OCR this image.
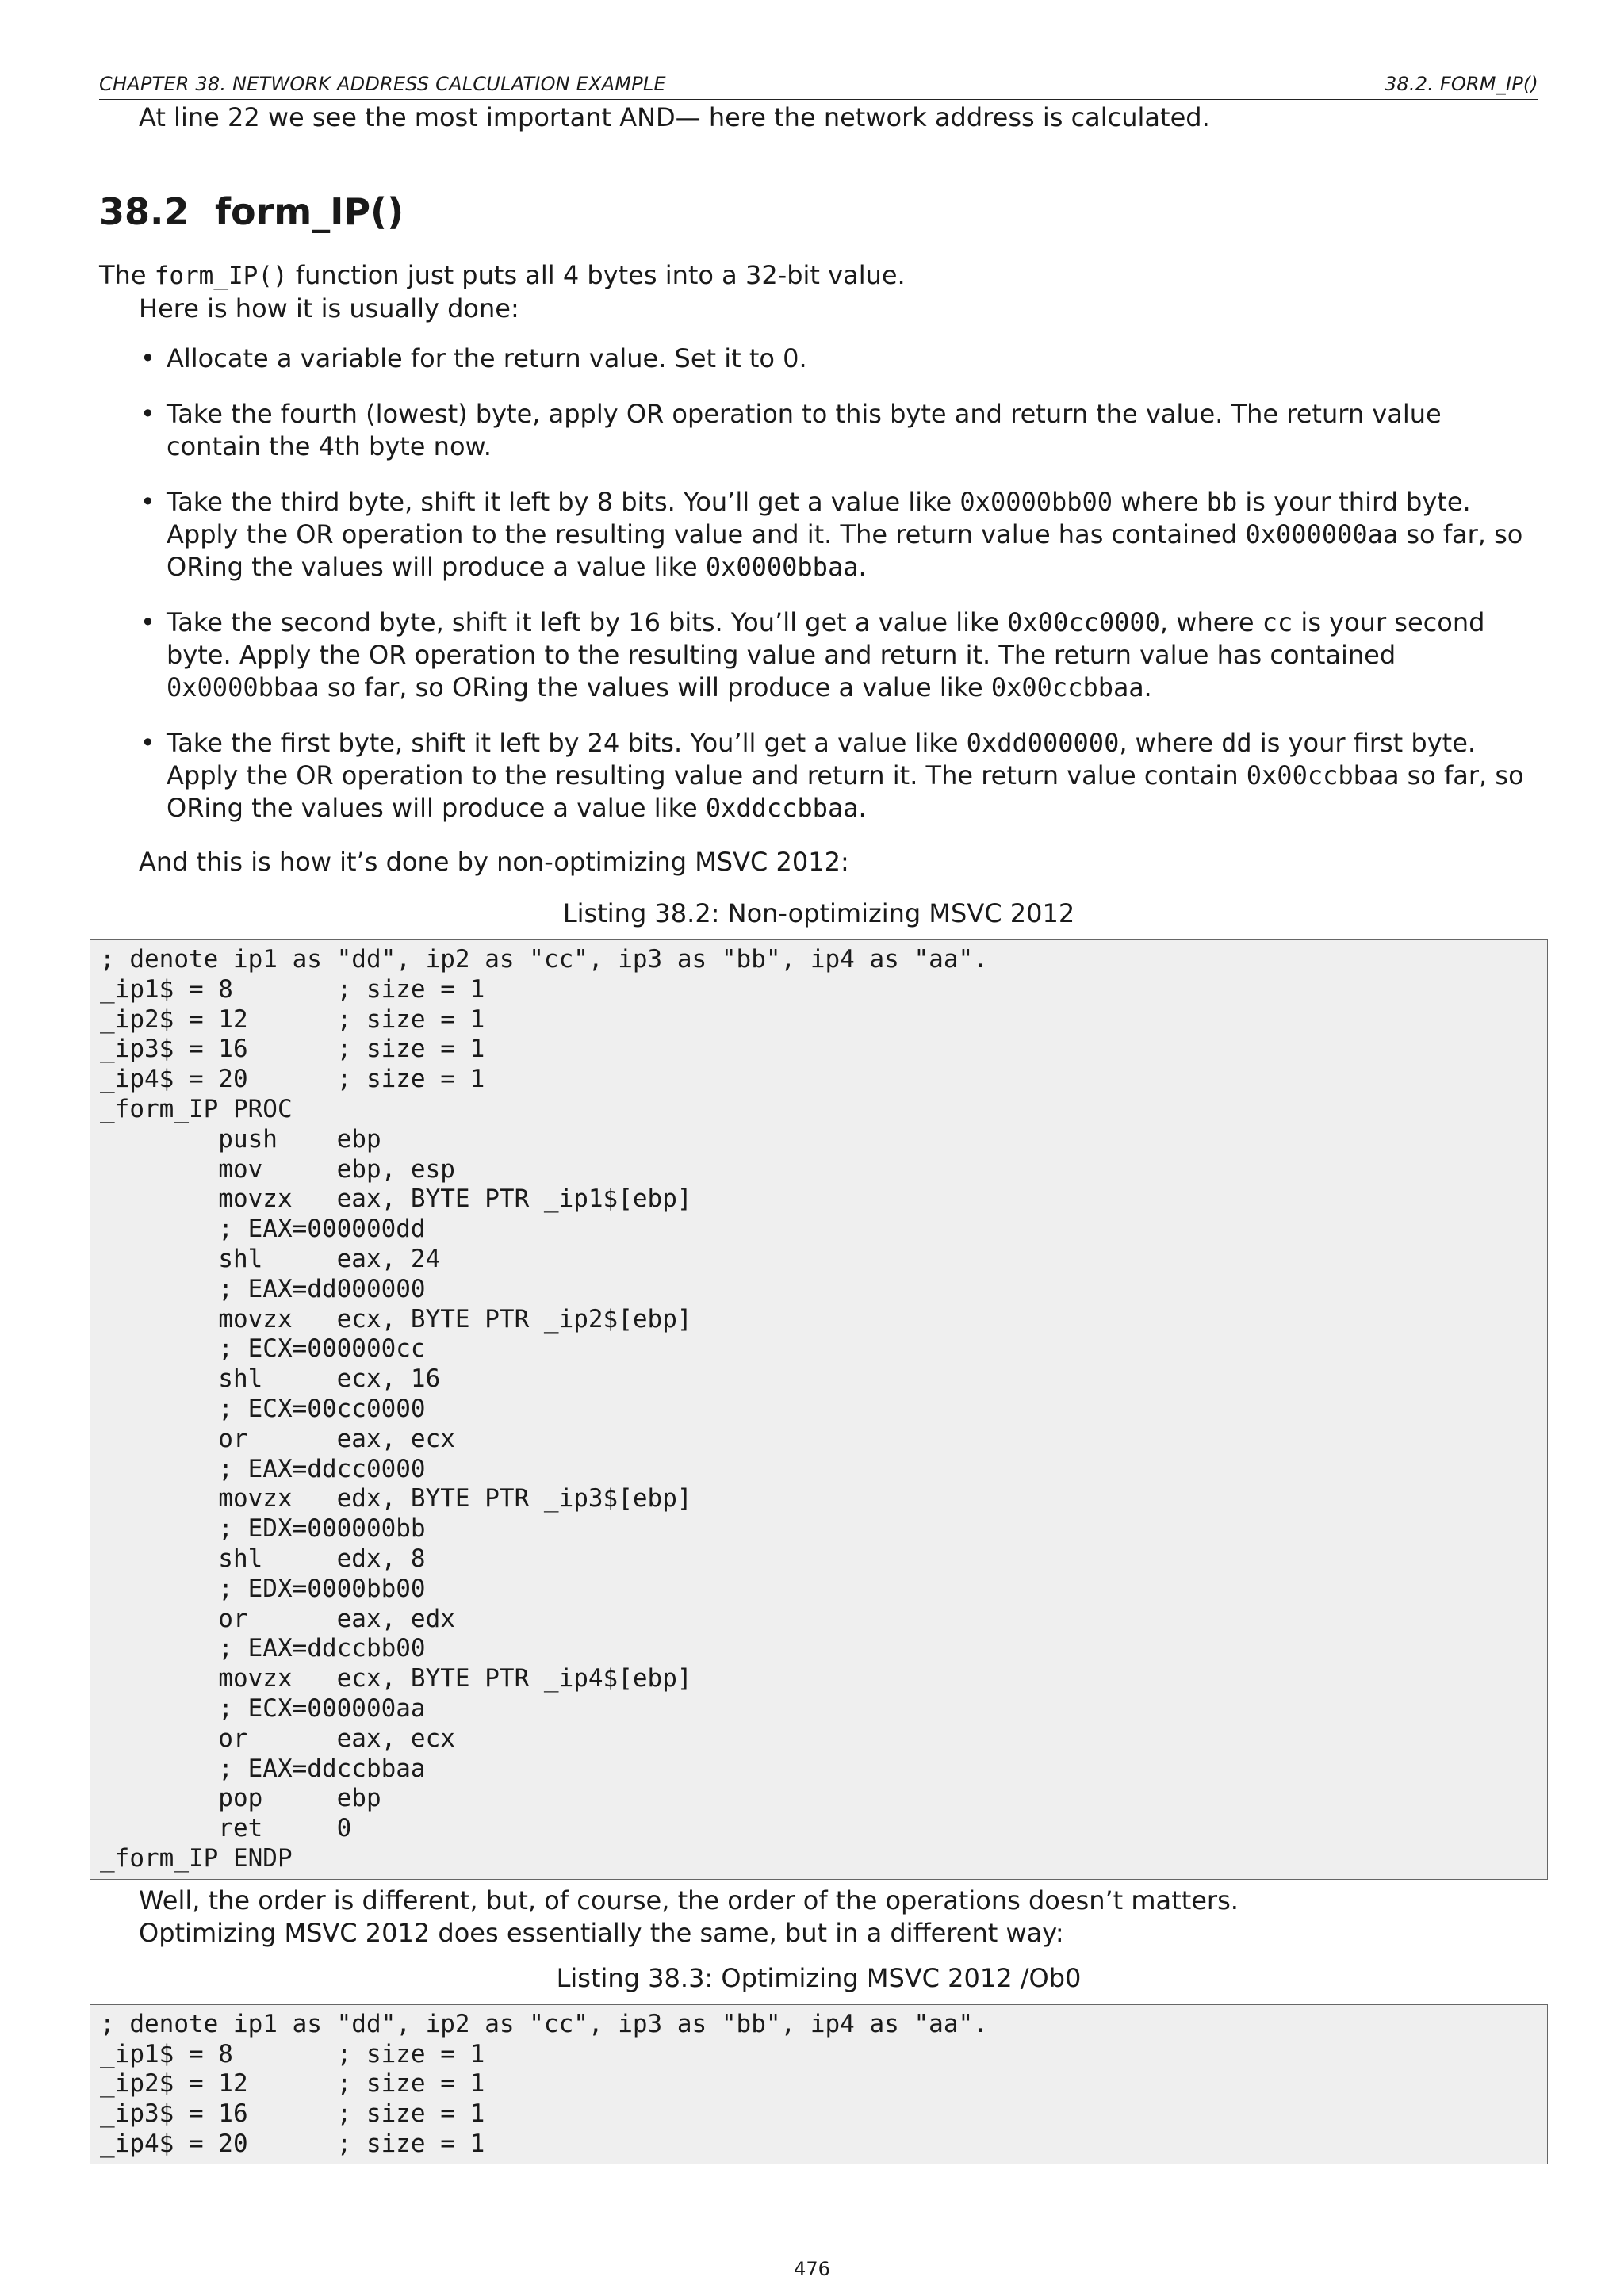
CHAPTER 38. NETWORK ADDRESS CALCULATION EXAMPLE	38.2. FORM_IP()

At line 22 we see the most important AND— here the network address is calculated.

38.2 form_IP()

The form_IP() function just puts all 4 bytes into a 32-bit value.

Here is how it is usually done:

• Allocate a variable for the return value. Set it to 0.
• Take the fourth (lowest) byte, apply OR operation to this byte and return the value. The return value contain the 4th byte now.
• Take the third byte, shift it left by 8 bits. You’ll get a value like 0x0000bb00 where bb is your third byte. Apply the OR operation to the resulting value and it. The return value has contained 0x000000aa so far, so ORing the values will produce a value like 0x0000bbaa.
• Take the second byte, shift it left by 16 bits. You’ll get a value like 0x00cc0000, where cc is your second byte. Apply the OR operation to the resulting value and return it. The return value has contained 0x0000bbaa so far, so ORing the values will produce a value like 0x00ccbbaa.
• Take the first byte, shift it left by 24 bits. You’ll get a value like 0xdd000000, where dd is your first byte. Apply the OR operation to the resulting value and return it. The return value contain 0x00ccbbaa so far, so ORing the values will produce a value like 0xddccbbaa.

And this is how it’s done by non-optimizing MSVC 2012:

Listing 38.2: Non-optimizing MSVC 2012
; denote ip1 as "dd", ip2 as "cc", ip3 as "bb", ip4 as "aa".
_ip1$ = 8       ; size = 1
_ip2$ = 12      ; size = 1
_ip3$ = 16      ; size = 1
_ip4$ = 20      ; size = 1
_form_IP PROC
push    ebp
mov     ebp, esp
movzx   eax, BYTE PTR _ip1$[ebp]
; EAX=000000dd
shl     eax, 24
; EAX=dd000000
movzx   ecx, BYTE PTR _ip2$[ebp]
; ECX=000000cc
shl     ecx, 16
; ECX=00cc0000
or      eax, ecx
; EAX=ddcc0000
movzx   edx, BYTE PTR _ip3$[ebp]
; EDX=000000bb
shl     edx, 8
; EDX=0000bb00
or      eax, edx
; EAX=ddccbb00
movzx   ecx, BYTE PTR _ip4$[ebp]
; ECX=000000aa
or      eax, ecx
; EAX=ddccbbaa
pop     ebp
ret     0
_form_IP ENDP

Well, the order is different, but, of course, the order of the operations doesn’t matters.

Optimizing MSVC 2012 does essentially the same, but in a different way:

Listing 38.3: Optimizing MSVC 2012 /Ob0
; denote ip1 as "dd", ip2 as "cc", ip3 as "bb", ip4 as "aa".
_ip1$ = 8       ; size = 1
_ip2$ = 12      ; size = 1
_ip3$ = 16      ; size = 1
_ip4$ = 20      ; size = 1
476
